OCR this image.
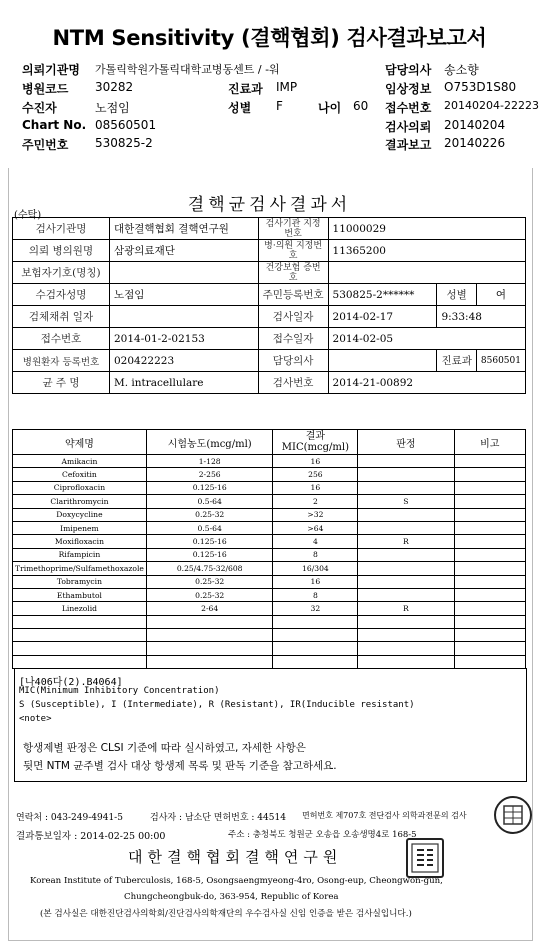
NTM Sensitivity (결핵협회) 검사결과보고서
의뢰기관명 가톨릭학원가톨릭대학교병동센트 / -워	담당의사 송소향
병원코드 30282	진료과 IMP	임상정보 O753D1S80
수진자	노점임	성별 F	나이 60 접수번호 20140204-22223
Chart No. 08560501	검사의뢰 20140204
주민번호 530825-2	결과보고 20140226
(수탁)
결핵균검사결과서
검사기관명	대한결핵협회 결핵연구원	검사기관 지정번호	11000029		
의뢰 병의원명	삼광의료재단	병·의원 지정번호	11365200		
보험자기호(명칭)		건강보험 증번호			
수검자성명	노점임	주민등록번호	530825-2******	성별	여
검체채취 일자		검사일자	2014-02-17	9:33:48	
접수번호	2014-01-2-02153	접수일자	2014-02-05		
병원환자 등록번호	020422223	담당의사		진료과	8560501
균 주 명	M. intracellulare	검사번호	2014-21-00892		
약제명	시험농도(mcg/ml)	결과 MIC(mcg/ml)	판정	비고
Amikacin	1-128	16		
Cefoxitin	2-256	256		
Ciprofloxacin	0.125-16	16		
Clarithromycin	0.5-64	2	S	
Doxycycline	0.25-32	>32		
Imipenem	0.5-64	>64		
Moxifloxacin	0.125-16	4	R	
Rifampicin	0.125-16	8		
Trimethoprime/Sulfamethoxazole	0.25/4.75-32/608	16/304		
Tobramycin	0.25-32	16		
Ethambutol	0.25-32	8		
Linezolid	2-64	32	R	

[나406다(2).B4064]
MIC(Minimum Inhibitory Concentration)
S (Susceptible), I (Intermediate), R (Resistant), IR(Inducible resistant)
<note>
항생제별 판정은 CLSI 기준에 따라 실시하였고, 자세한 사항은
뒷면 NTM 균주별 검사 대상 항생제 목록 및 판독 기준을 참고하세요.
연락처 : 043-249-4941-5	검사자 : 남소단 면허번호 : 44514 면허번호 제707호 전단검사 의학과전문의 검사
결과통보일자 : 2014-02-25 00:00	주소 : 충청북도 청원군 오송읍 오송생명4로 168-5
대한결핵협회결핵연구원
Korean Institute of Tuberculosis, 168-5, Osongsaengmyeong-4ro, Osong-eup, Cheongwon-gun,
Chungcheongbuk-do, 363-954, Republic of Korea
(본 검사실은 대한진단검사의학회/진단검사의학재단의 우수검사실 신임 인증을 받은 검사실입니다.)
